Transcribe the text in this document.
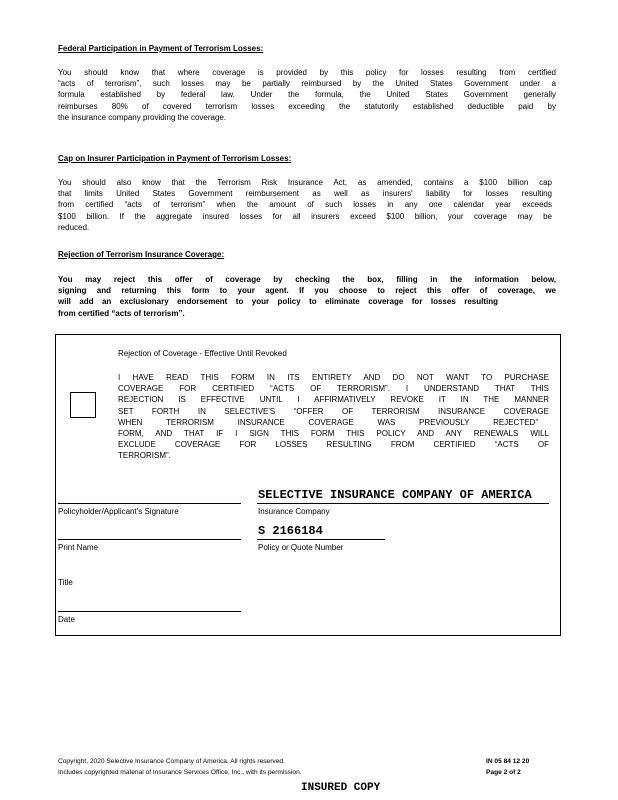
Federal Participation in Payment of Terrorism Losses:
You should know that where coverage is provided by this policy for losses resulting from certified
“acts of terrorism”, such losses may be partially reimbursed by the United States Government under a
formula established by federal law. Under the formula, the United States Government generally
reimburses 80% of covered terrorism losses exceeding the statutorily established deductible paid by
the insurance company providing the coverage.
Cap on Insurer Participation in Payment of Terrorism Losses:
You should also know that the Terrorism Risk Insurance Act, as amended, contains a $100 billion cap
that limits United States Government reimbursement as well as insurers' liability for losses resulting
from certified “acts of terrorism” when the amount of such losses in any one calendar year exceeds
$100 billion. If the aggregate insured losses for all insurers exceed $100 billion, your coverage may be
reduced.
Rejection of Terrorism Insurance Coverage:
You may reject this offer of coverage by checking the box, filling in the information below,
signing and returning this form to your agent. If you choose to reject this offer of coverage, we
will add an exclusionary endorsement to your policy to eliminate coverage for losses resulting
from certified “acts of terrorism”.
Rejection of Coverage - Effective Until Revoked
I HAVE READ THIS FORM IN ITS ENTIRETY AND DO NOT WANT TO PURCHASE
COVERAGE FOR CERTIFIED “ACTS OF TERRORISM”. I UNDERSTAND THAT THIS
REJECTION IS EFFECTIVE UNTIL I AFFIRMATIVELY REVOKE IT IN THE MANNER
SET FORTH IN SELECTIVE'S “OFFER OF TERRORISM INSURANCE COVERAGE
WHEN TERRORISM INSURANCE COVERAGE WAS PREVIOUSLY REJECTED”
FORM, AND THAT IF I SIGN THIS FORM THIS POLICY AND ANY RENEWALS WILL
EXCLUDE COVERAGE FOR LOSSES RESULTING FROM CERTIFIED “ACTS OF
TERRORISM”.
Policyholder/Applicant's Signature
SELECTIVE INSURANCE COMPANY OF AMERICA
Insurance Company
Print Name
S 2166184
Policy or Quote Number
Title
Date
Copyright, 2020 Selective Insurance Company of America. All rights reserved.
Includes copyrighted material of Insurance Services Office, Inc., with its permission.
IN 05 84 12 20
Page 2 of 2
INSURED COPY
